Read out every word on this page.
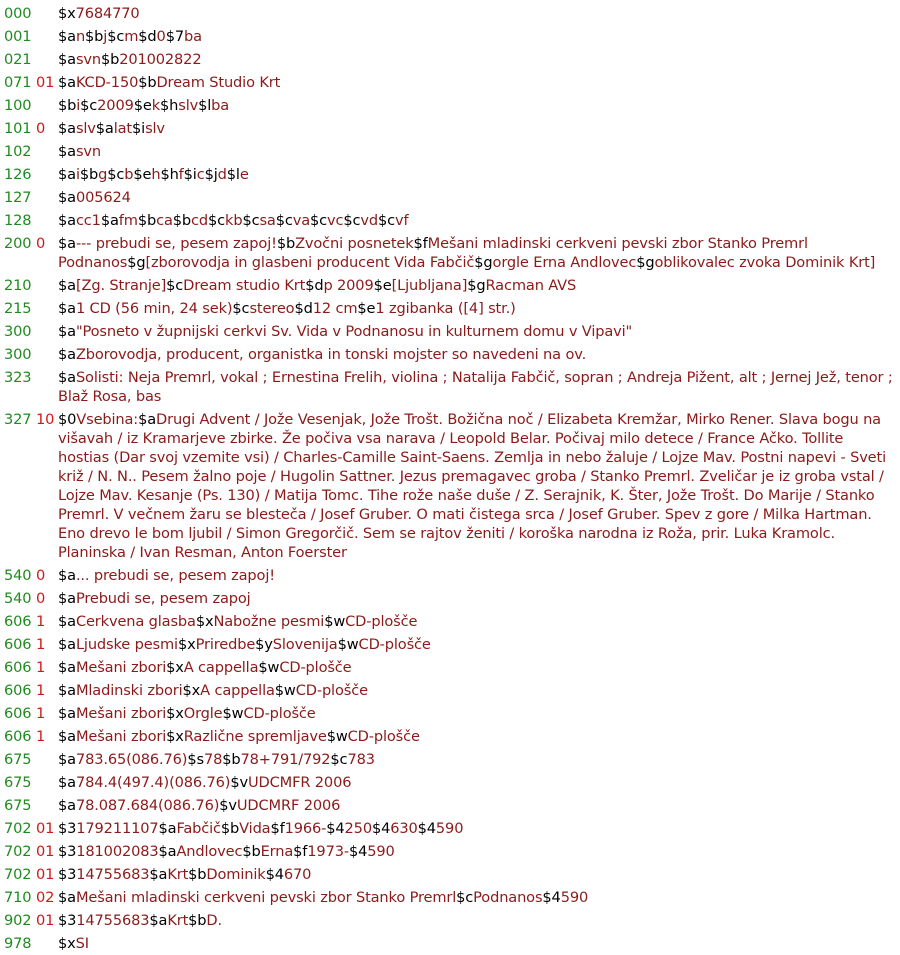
000	$x7684770
001	$an$bj$cm$d0$7ba
021	$asvn$b201002822
071 01 $aKCD-150$bDream Studio Krt
100	$bi$c2009$ek$hslv$lba
101 0 $aslv$alat$islv
102	$asvn
126	$ai$bg$cb$eh$hf$ic$jd$le
127	$a005624
128	$acc1$afm$bca$bcd$ckb$csa$cva$cvc$cvd$cvf
200 0 $a--- prebudi se, pesem zapoj!$bZvočni posnetek$fMešani mladinski cerkveni pevski zbor Stanko Premrl Podnanos$g[zborovodja in glasbeni producent Vida Fabčič$gorgle Erna Andlovec$goblikovalec zvoka Dominik Krt]
210	$a[Zg. Stranje]$cDream studio Krt$dp 2009$e[Ljubljana]$gRacman AVS
215	$a1 CD (56 min, 24 sek)$cstereo$d12 cm$e1 zgibanka ([4] str.)
300	$a"Posneto v župnijski cerkvi Sv. Vida v Podnanosu in kulturnem domu v Vipavi"
300	$aZborovodja, producent, organistka in tonski mojster so navedeni na ov.
323	$aSolisti: Neja Premrl, vokal ; Ernestina Frelih, violina ; Natalija Fabčič, sopran ; Andreja Pižent, alt ; Jernej Jež, tenor ; Blaž Rosa, bas
327 10 $0Vsebina:$aDrugi Advent / Jože Vesenjak, Jože Trošt. Božična noč / Elizabeta Kremžar, Mirko Rener. Slava bogu na višavah / iz Kramarjeve zbirke. Že počiva vsa narava / Leopold Belar. Počivaj milo detece / France Ačko. Tollite hostias (Dar svoj vzemite vsi) / Charles-Camille Saint-Saens. Zemlja in nebo žaluje / Lojze Mav. Postni napevi - Sveti križ / N. N.. Pesem žalno poje / Hugolin Sattner. Jezus premagavec groba / Stanko Premrl. Zveličar je iz groba vstal / Lojze Mav. Kesanje (Ps. 130) / Matija Tomc. Tihe rože naše duše / Z. Serajnik, K. Šter, Jože Trošt. Do Marije / Stanko Premrl. V večnem žaru se blesteča / Josef Gruber. O mati čistega srca / Josef Gruber. Spev z gore / Milka Hartman. Eno drevo le bom ljubil / Simon Gregorčič. Sem se rajtov ženiti / koroška narodna iz Roža, prir. Luka Kramolc. Planinska / Ivan Resman, Anton Foerster
540 0 $a... prebudi se, pesem zapoj!
540 0 $aPrebudi se, pesem zapoj
606 1 $aCerkvena glasba$xNabožne pesmi$wCD-plošče
606 1 $aLjudske pesmi$xPriredbe$ySlovenija$wCD-plošče
606 1 $aMešani zbori$xA cappella$wCD-plošče
606 1 $aMladinski zbori$xA cappella$wCD-plošče
606 1 $aMešani zbori$xOrgle$wCD-plošče
606 1 $aMešani zbori$xRazlične spremljave$wCD-plošče
675	$a783.65(086.76)$s78$b78+791/792$c783
675	$a784.4(497.4)(086.76)$vUDCMFR 2006
675	$a78.087.684(086.76)$vUDCMRF 2006
702 01 $3179211107$aFabčič$bVida$f1966-$4250$4630$4590
702 01 $3181002083$aAndlovec$bErna$f1973-$4590
702 01 $314755683$aKrt$bDominik$4670
710 02 $aMešani mladinski cerkveni pevski zbor Stanko Premrl$cPodnanos$4590
902 01 $314755683$aKrt$bD.
978	$xSI
